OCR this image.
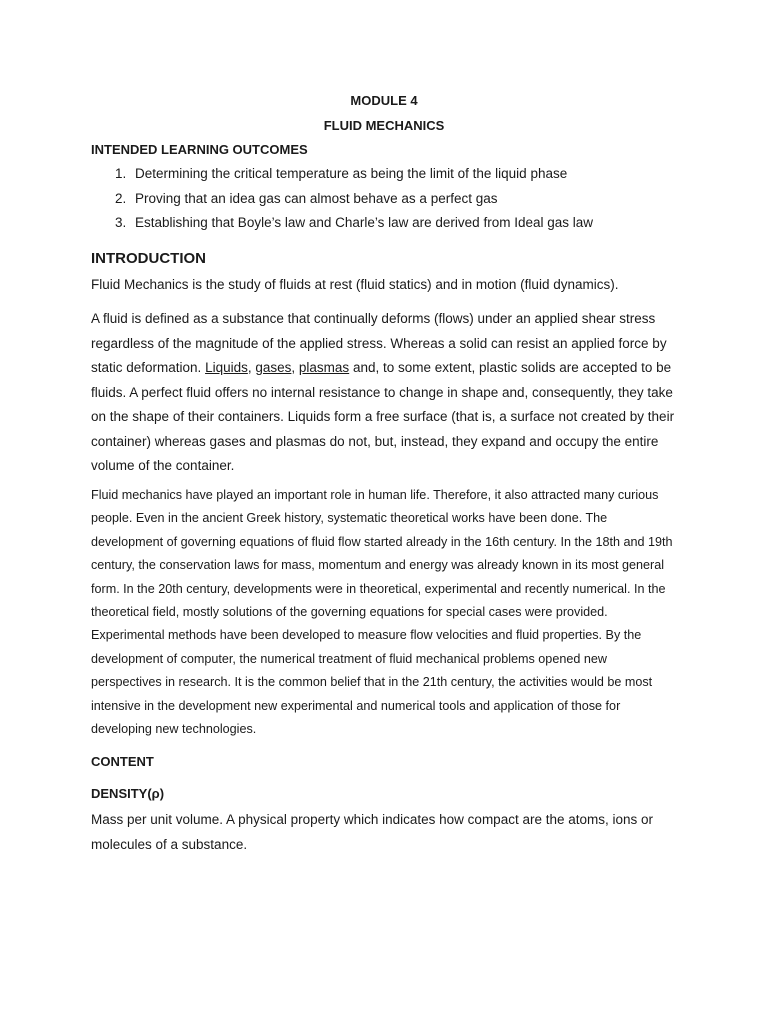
MODULE 4
FLUID MECHANICS
INTENDED LEARNING OUTCOMES
1. Determining the critical temperature as being the limit of the liquid phase
2. Proving that an idea gas can almost behave as a perfect gas
3. Establishing that Boyle’s law and Charle’s law are derived from Ideal gas law
INTRODUCTION

Fluid Mechanics is the study of fluids at rest (fluid statics) and in motion (fluid dynamics).

A fluid is defined as a substance that continually deforms (flows) under an applied shear stress regardless of the magnitude of the applied stress. Whereas a solid can resist an applied force by static deformation. Liquids, gases, plasmas and, to some extent, plastic solids are accepted to be fluids. A perfect fluid offers no internal resistance to change in shape and, consequently, they take on the shape of their containers. Liquids form a free surface (that is, a surface not created by their container) whereas gases and plasmas do not, but, instead, they expand and occupy the entire volume of the container.

Fluid mechanics have played an important role in human life. Therefore, it also attracted many curious people. Even in the ancient Greek history, systematic theoretical works have been done. The development of governing equations of fluid flow started already in the 16th century. In the 18th and 19th century, the conservation laws for mass, momentum and energy was already known in its most general form. In the 20th century, developments were in theoretical, experimental and recently numerical. In the theoretical field, mostly solutions of the governing equations for special cases were provided. Experimental methods have been developed to measure flow velocities and fluid properties. By the development of computer, the numerical treatment of fluid mechanical problems opened new perspectives in research. It is the common belief that in the 21th century, the activities would be most intensive in the development new experimental and numerical tools and application of those for developing new technologies.

CONTENT
DENSITY(ρ)

Mass per unit volume. A physical property which indicates how compact are the atoms, ions or molecules of a substance.
